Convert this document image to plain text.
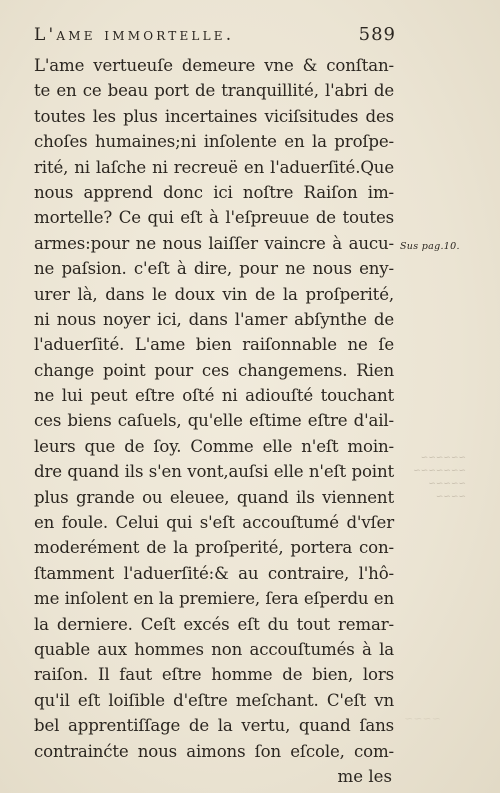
L'ame immortelle.	589
L'ame vertueuſe demeure vne & conſtan-
te en ce beau port de tranquillité, l'abri de
toutes les plus incertaines viciſsitudes des
choſes humaines;ni inſolente en la proſpe-
rité, ni laſche ni recreuë en l'aduerſité.Que
nous apprend donc ici noſtre Raiſon im-
mortelle? Ce qui eſt à l'eſpreuue de toutes
armes:pour ne nous laiſſer vaincre à aucu-
ne paſsion. c'eſt à dire, pour ne nous eny-
urer là, dans le doux vin de la proſperité,
ni nous noyer ici, dans l'amer abſynthe de
l'aduerſité. L'ame bien raiſonnable ne ſe
change point pour ces changemens. Rien
ne lui peut eſtre oſté ni adiouſté touchant
ces biens caſuels, qu'elle eſtime eſtre d'ail-
leurs que de ſoy. Comme elle n'eſt moin-
dre quand ils s'en vont,auſsi elle n'eſt point
plus grande ou eleuee, quand ils viennent
en foule. Celui qui s'eſt accouſtumé d'vſer
moderément de la proſperité, portera con-
ſtamment l'aduerſité:& au contraire, l'hô-
me inſolent en la premiere, ſera eſperdu en
la derniere. Ceſt excés eſt du tout remar-
quable aux hommes non accouſtumés à la
raiſon. Il faut eſtre homme de bien, lors
qu'il eſt loiſible d'eſtre meſchant. C'eſt vn
bel apprentiſſage de la vertu, quand ſans
contrainćte nous aimons ſon eſcole, com-
me les
Sus pag.10.
~~~~~~
~~~~~~~
~~~~~
~~~~
~~~~
